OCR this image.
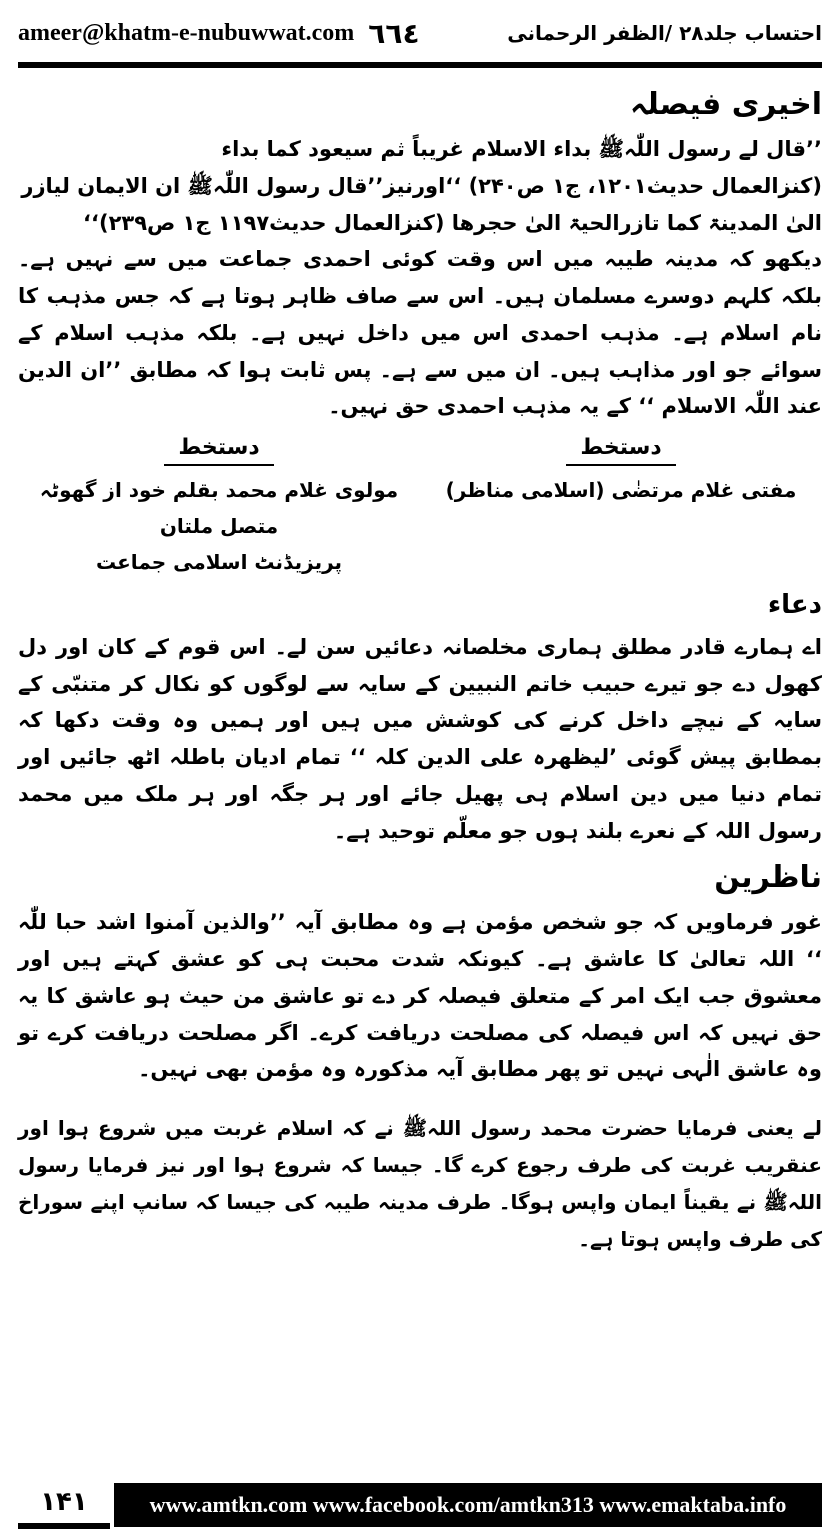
ameer@khatm-e-nubuwwat.com ٦٦٤	احتساب جلد۲۸ /الظفر الرحمانی
اخیری فیصلہ

’’قال لے رسول اللّٰہﷺ بداء الاسلام غریباً ثم سیعود کما بداء

(کنزالعمال حدیث۱۲۰۱، ج۱ ص۲۴۰) ‘‘اورنیز’’قال رسول اللّٰہﷺ ان الایمان لیازر

الیٰ المدینۃ کما تازرالحیۃ الیٰ حجرھا (کنزالعمال حدیث۱۱۹۷ ج۱ ص۲۳۹)‘‘

دیکھو کہ مدینہ طیبہ میں اس وقت کوئی احمدی جماعت میں سے نہیں ہے۔ بلکہ کلہم دوسرے مسلمان ہیں۔ اس سے صاف ظاہر ہوتا ہے کہ جس مذہب کا نام اسلام ہے۔ مذہب احمدی اس میں داخل نہیں ہے۔ بلکہ مذہب اسلام کے سوائے جو اور مذاہب ہیں۔ ان میں سے ہے۔ پس ثابت ہوا کہ مطابق ’’ان الدین عند اللّٰہ الاسلام ‘‘ کے یہ مذہب احمدی حق نہیں۔

دستخط
مفتی غلام مرتضٰی (اسلامی مناظر)
دستخط
مولوی غلام محمد بقلم خود از گھوٹہ متصل ملتان
پریزیڈنٹ اسلامی جماعت
دعاء

اے ہمارے قادر مطلق ہماری مخلصانہ دعائیں سن لے۔ اس قوم کے کان اور دل کھول دے جو تیرے حبیب خاتم النبیین کے سایہ سے لوگوں کو نکال کر متنبّی کے سایہ کے نیچے داخل کرنے کی کوشش میں ہیں اور ہمیں وہ وقت دکھا کہ بمطابق پیش گوئی ’لیظھرہ علی الدین کلہ ‘‘ تمام ادیان باطلہ اٹھ جائیں اور تمام دنیا میں دین اسلام ہی پھیل جائے اور ہر جگہ اور ہر ملک میں محمد رسول اللہ کے نعرے بلند ہوں جو معلّم توحید ہے۔

ناظرین

غور فرماویں کہ جو شخص مؤمن ہے وہ مطابق آیہ ’’والذین آمنوا اشد حبا للّٰہ ‘‘ اللہ تعالیٰ کا عاشق ہے۔ کیونکہ شدت محبت ہی کو عشق کہتے ہیں اور معشوق جب ایک امر کے متعلق فیصلہ کر دے تو عاشق من حیث ہو عاشق کا یہ حق نہیں کہ اس فیصلہ کی مصلحت دریافت کرے۔ اگر مصلحت دریافت کرے تو وہ عاشق الٰہی نہیں تو پھر مطابق آیہ مذکورہ وہ مؤمن بھی نہیں۔

لے یعنی فرمایا حضرت محمد رسول اللہﷺ نے کہ اسلام غربت میں شروع ہوا اور عنقریب غربت کی طرف رجوع کرے گا۔ جیسا کہ شروع ہوا اور نیز فرمایا رسول اللہﷺ نے یقیناً ایمان واپس ہوگا۔ طرف مدینہ طیبہ کی جیسا کہ سانپ اپنے سوراخ کی طرف واپس ہوتا ہے۔

۱۴۱	www.amtkn.com www.facebook.com/amtkn313 www.emaktaba.info
